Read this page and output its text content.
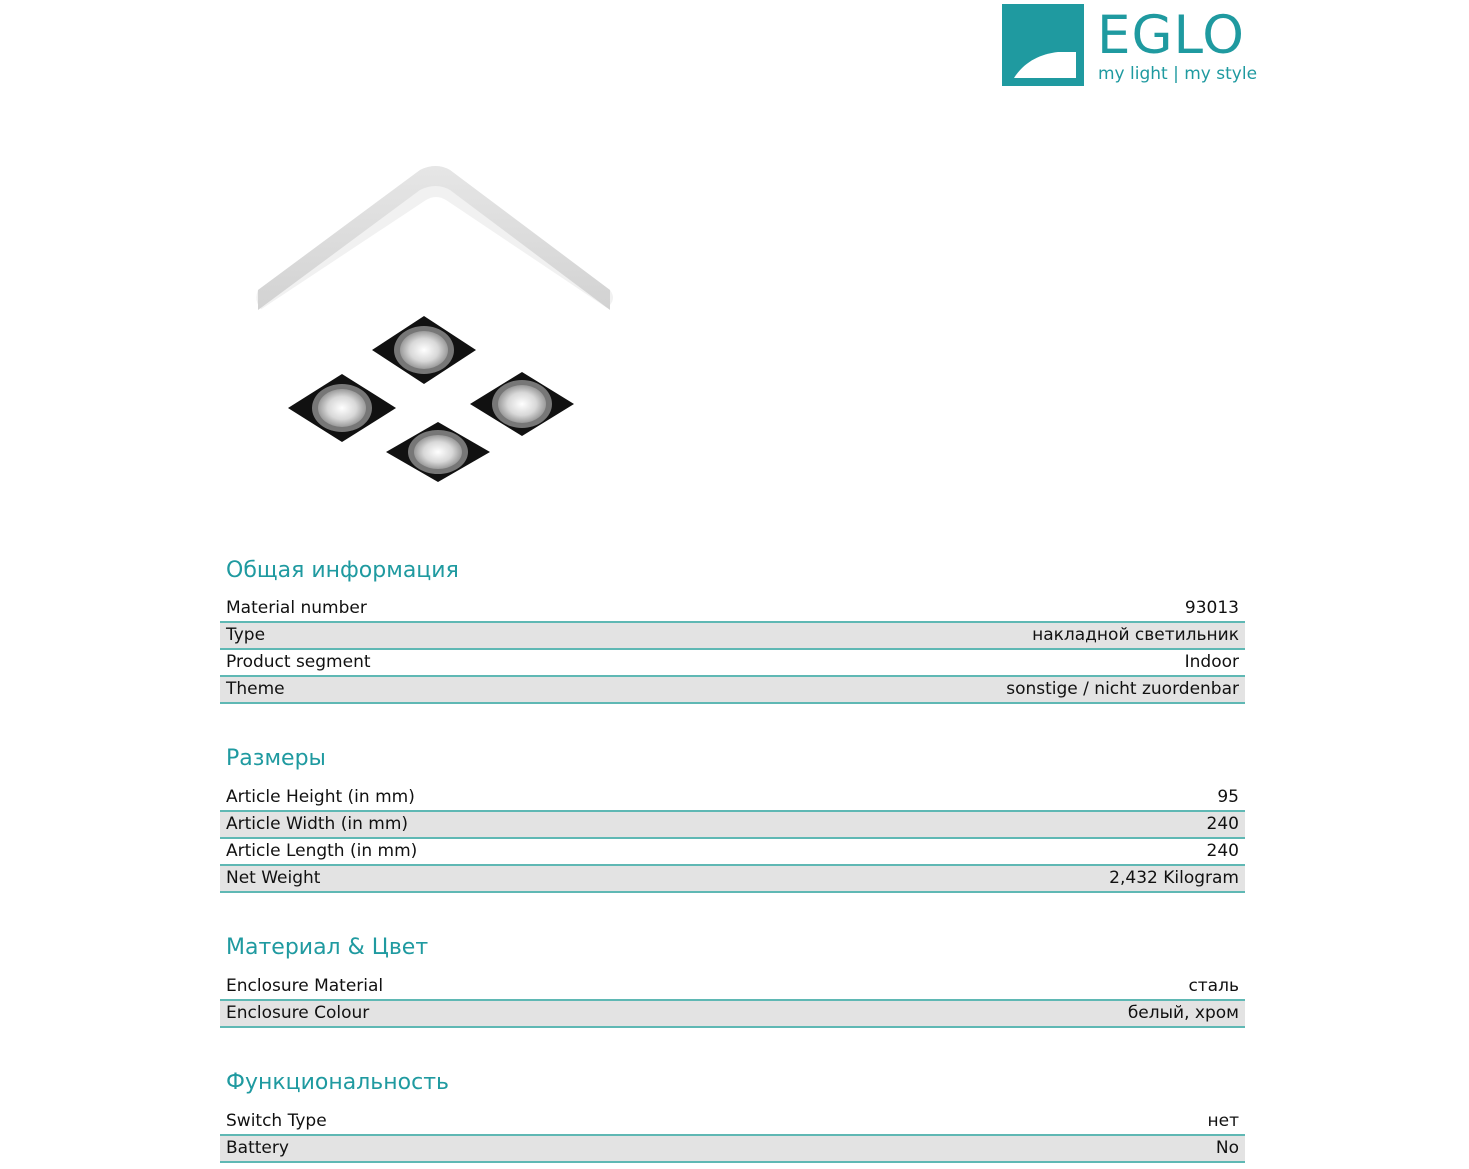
EGLO
my light | my style
Общая информация
Material number	93013
Type	накладной светильник
Product segment	Indoor
Theme	sonstige / nicht zuordenbar
Размеры
Article Height (in mm)	95
Article Width (in mm)	240
Article Length (in mm)	240
Net Weight	2,432 Kilogram
Материал & Цвет
Enclosure Material	сталь
Enclosure Colour	белый, хром
Функциональность
Switch Type	нет
Battery	No
